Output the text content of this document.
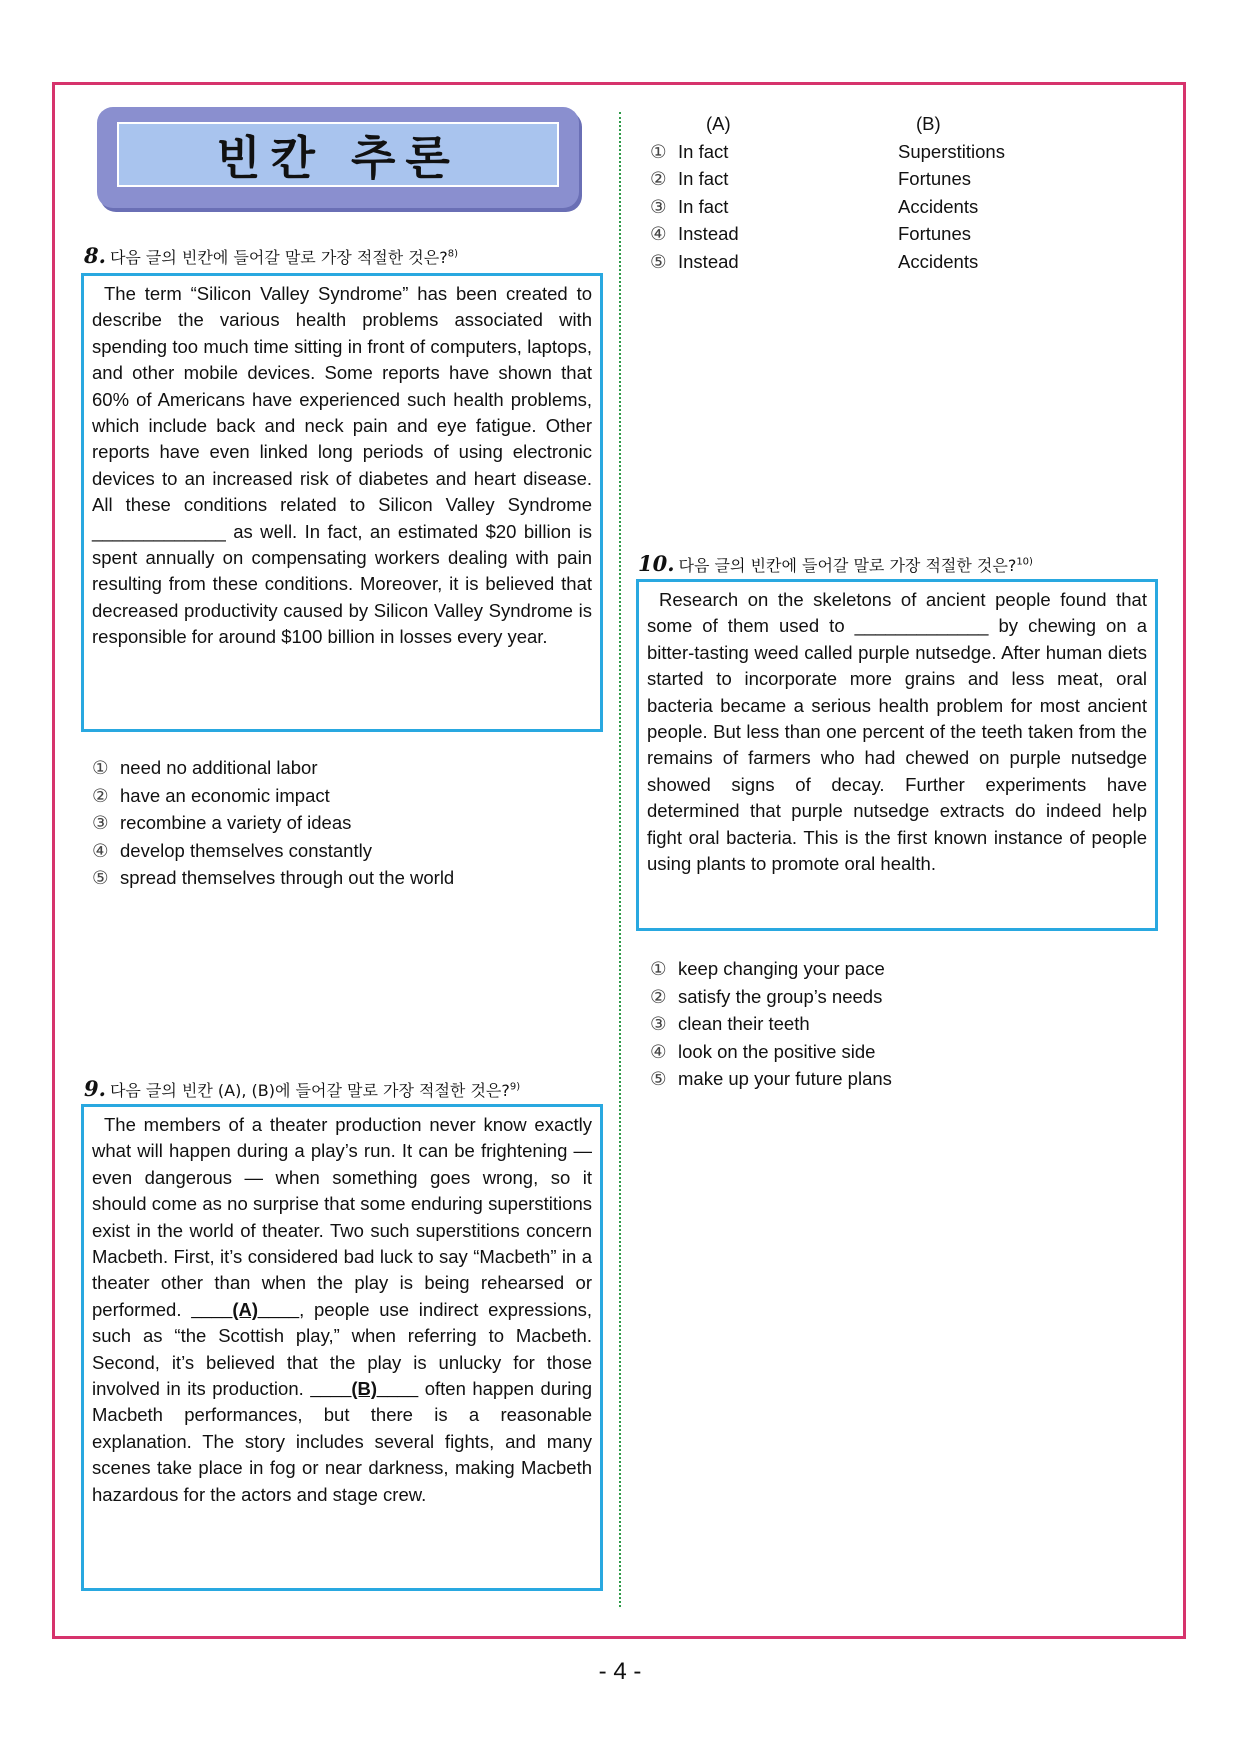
빈칸 추론
8. 다음 글의 빈칸에 들어갈 말로 가장 적절한 것은?$^{8)}$

The term “Silicon Valley Syndrome” has been created to describe the various health problems associated with spending too much time sitting in front of computers, laptops, and other mobile devices. Some reports have shown that 60% of Americans have experienced such health problems, which include back and neck pain and eye fatigue. Other reports have even linked long periods of using electronic devices to an increased risk of diabetes and heart disease. All these conditions related to Silicon Valley Syndrome _____________ as well. In fact, an estimated $20 billion is spent annually on compensating workers dealing with pain resulting from these conditions. Moreover, it is believed that decreased productivity caused by Silicon Valley Syndrome is responsible for around $100 billion in losses every year.

① need no additional labor
② have an economic impact
③ recombine a variety of ideas
④ develop themselves constantly
⑤ spread themselves through out the world
9. 다음 글의 빈칸 (A), (B)에 들어갈 말로 가장 적절한 것은?$^{9)}$

The members of a theater production never know exactly what will happen during a play’s run. It can be frightening — even dangerous — when something goes wrong, so it should come as no surprise that some enduring superstitions exist in the world of theater. Two such superstitions concern Macbeth. First, it’s considered bad luck to say “Macbeth” in a theater other than when the play is being rehearsed or performed. ____(A)____, people use indirect expressions, such as “the Scottish play,” when referring to Macbeth. Second, it’s believed that the play is unlucky for those involved in its production. ____(B)____ often happen during Macbeth performances, but there is a reasonable explanation. The story includes several fights, and many scenes take place in fog or near darkness, making Macbeth hazardous for the actors and stage crew.

(A)	(B)
① In fact	Superstitions
② In fact	Fortunes
③ In fact	Accidents
④ Instead	Fortunes
⑤ Instead	Accidents
10. 다음 글의 빈칸에 들어갈 말로 가장 적절한 것은?$^{10)}$

Research on the skeletons of ancient people found that some of them used to _____________ by chewing on a bitter-tasting weed called purple nutsedge. After human diets started to incorporate more grains and less meat, oral bacteria became a serious health problem for most ancient people. But less than one percent of the teeth taken from the remains of farmers who had chewed on purple nutsedge showed signs of decay. Further experiments have determined that purple nutsedge extracts do indeed help fight oral bacteria. This is the first known instance of people using plants to promote oral health.

① keep changing your pace
② satisfy the group’s needs
③ clean their teeth
④ look on the positive side
⑤ make up your future plans
- 4 -
